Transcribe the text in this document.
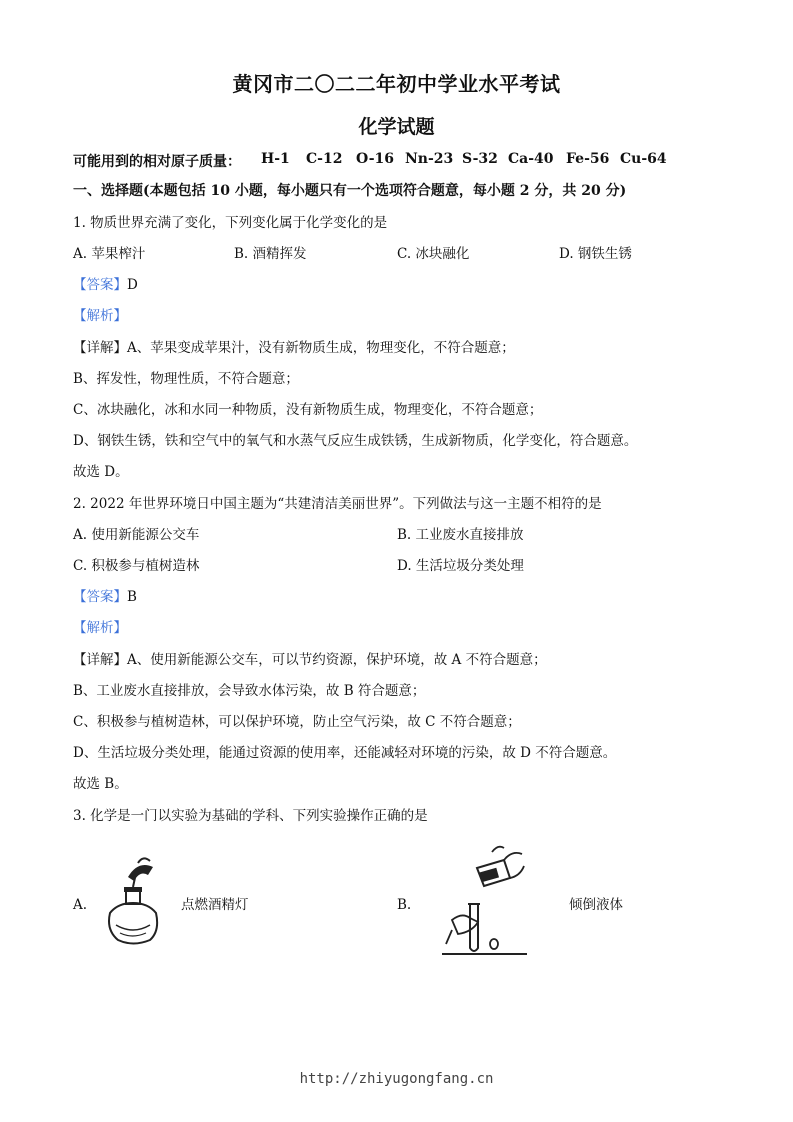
黄冈市二〇二二年初中学业水平考试
化学试题
可能用到的相对原子质量： H-1 C-12 O-16 Nn-23 S-32 Ca-40 Fe-56 Cu-64
一、选择题(本题包括 10 小题，每小题只有一个选项符合题意，每小题 2 分，共 20 分)
1. 物质世界充满了变化，下列变化属于化学变化的是
A. 苹果榨汁	B. 酒精挥发	C. 冰块融化	D. 钢铁生锈
【答案】D
【解析】
【详解】A、苹果变成苹果汁，没有新物质生成，物理变化，不符合题意；
B、挥发性，物理性质，不符合题意；
C、冰块融化，冰和水同一种物质，没有新物质生成，物理变化，不符合题意；
D、钢铁生锈，铁和空气中的氧气和水蒸气反应生成铁锈，生成新物质，化学变化，符合题意。
故选 D。
2. 2022 年世界环境日中国主题为“共建清洁美丽世界”。下列做法与这一主题不相符的是
A. 使用新能源公交车	B. 工业废水直接排放
C. 积极参与植树造林	D. 生活垃圾分类处理
【答案】B
【解析】
【详解】A、使用新能源公交车，可以节约资源，保护环境，故 A 不符合题意；
B、工业废水直接排放，会导致水体污染，故 B 符合题意；
C、积极参与植树造林，可以保护环境，防止空气污染，故 C 不符合题意；
D、生活垃圾分类处理，能通过资源的使用率，还能减轻对环境的污染，故 D 不符合题意。
故选 B。
3. 化学是一门以实验为基础的学科、下列实验操作正确的是
A.	点燃酒精灯	B.	倾倒液体
http://zhiyugongfang.cn
